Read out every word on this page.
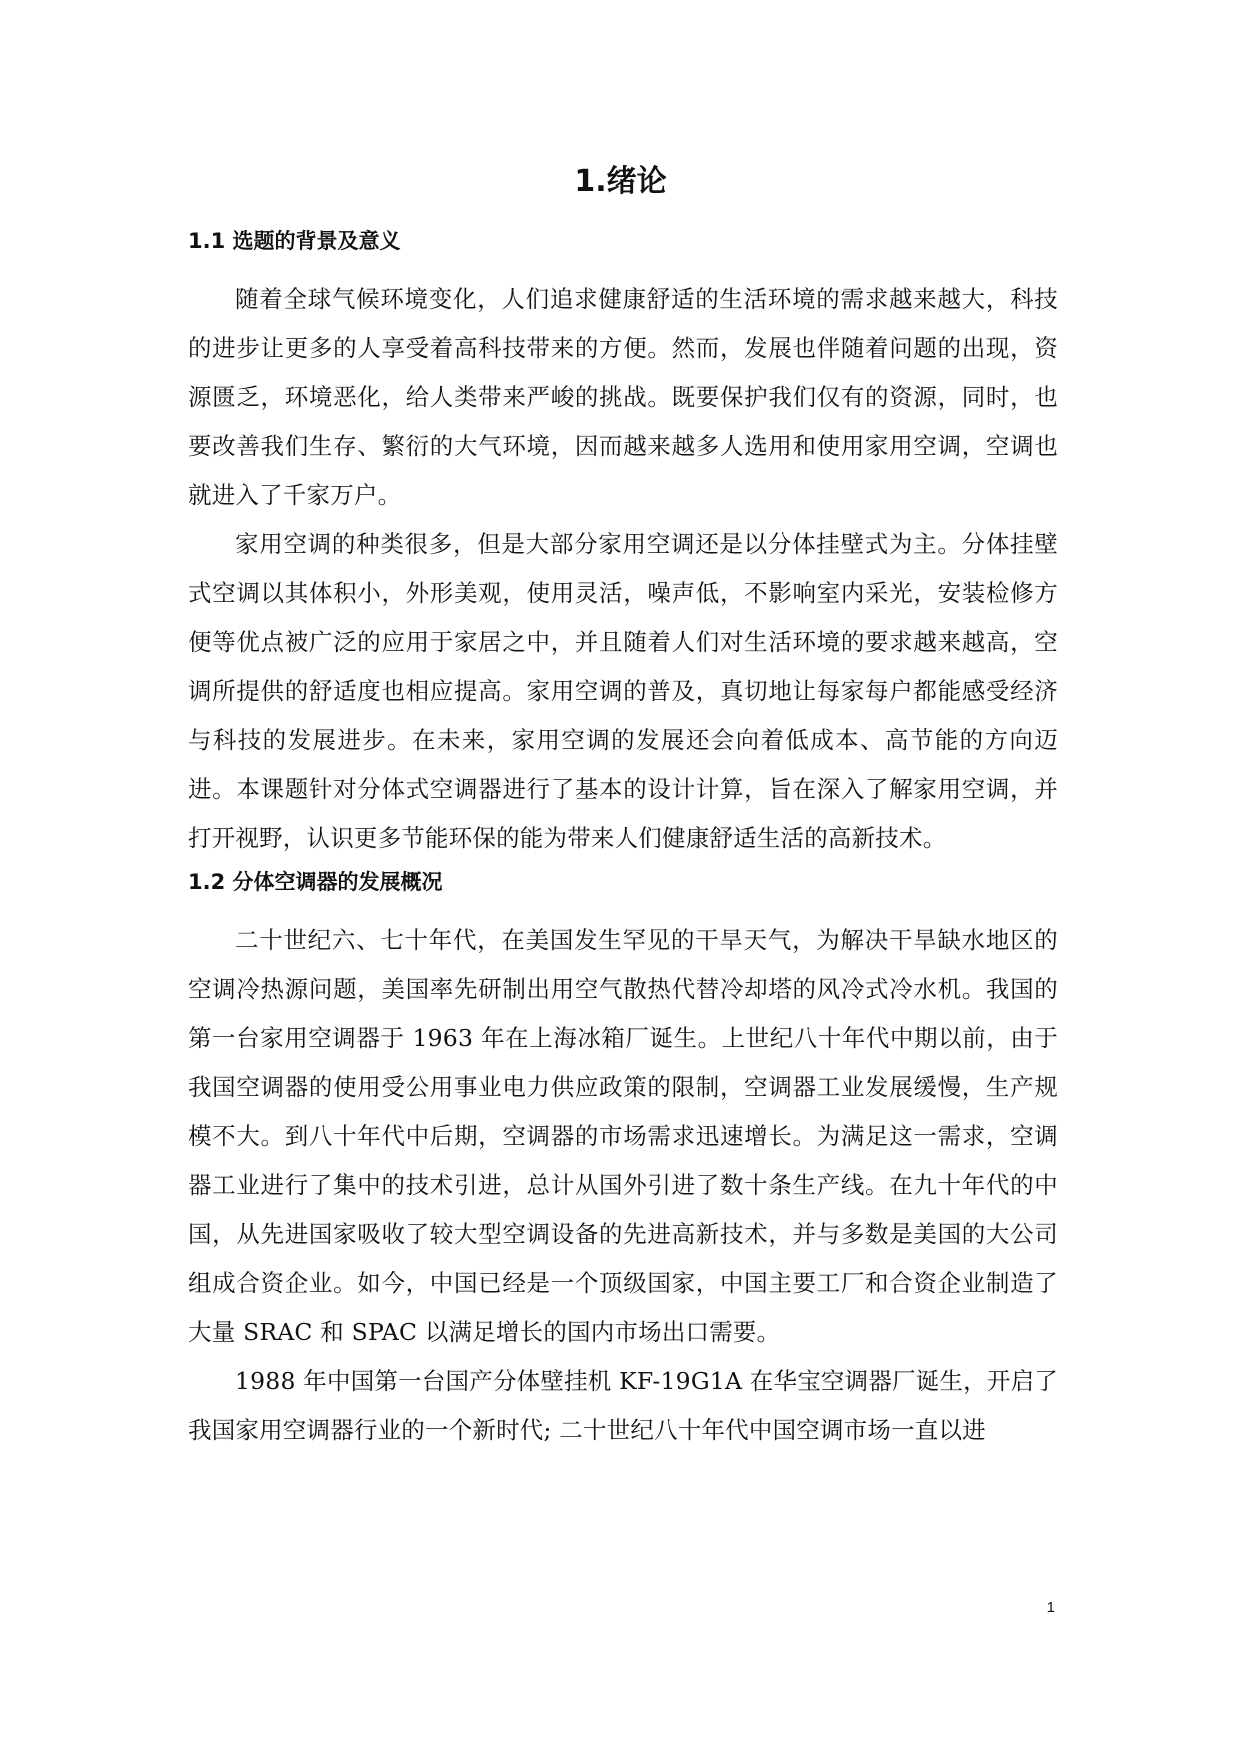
1.绪论
1.1 选题的背景及意义

随着全球气候环境变化，人们追求健康舒适的生活环境的需求越来越大，科技的进步让更多的人享受着高科技带来的方便。然而，发展也伴随着问题的出现，资源匮乏，环境恶化，给人类带来严峻的挑战。既要保护我们仅有的资源，同时，也要改善我们生存、繁衍的大气环境，因而越来越多人选用和使用家用空调，空调也就进入了千家万户。

家用空调的种类很多，但是大部分家用空调还是以分体挂壁式为主。分体挂壁式空调以其体积小，外形美观，使用灵活，噪声低，不影响室内采光，安装检修方便等优点被广泛的应用于家居之中，并且随着人们对生活环境的要求越来越高，空调所提供的舒适度也相应提高。家用空调的普及，真切地让每家每户都能感受经济与科技的发展进步。在未来，家用空调的发展还会向着低成本、高节能的方向迈进。本课题针对分体式空调器进行了基本的设计计算，旨在深入了解家用空调，并打开视野，认识更多节能环保的能为带来人们健康舒适生活的高新技术。

1.2 分体空调器的发展概况

二十世纪六、七十年代，在美国发生罕见的干旱天气，为解决干旱缺水地区的空调冷热源问题，美国率先研制出用空气散热代替冷却塔的风冷式冷水机。我国的第一台家用空调器于 1963 年在上海冰箱厂诞生。上世纪八十年代中期以前，由于我国空调器的使用受公用事业电力供应政策的限制，空调器工业发展缓慢，生产规模不大。到八十年代中后期，空调器的市场需求迅速增长。为满足这一需求，空调器工业进行了集中的技术引进，总计从国外引进了数十条生产线。在九十年代的中国，从先进国家吸收了较大型空调设备的先进高新技术，并与多数是美国的大公司组成合资企业。如今，中国已经是一个顶级国家，中国主要工厂和合资企业制造了大量 SRAC 和 SPAC 以满足增长的国内市场出口需要。

1988 年中国第一台国产分体壁挂机 KF-19G1A 在华宝空调器厂诞生，开启了我国家用空调器行业的一个新时代; 二十世纪八十年代中国空调市场一直以进

1
